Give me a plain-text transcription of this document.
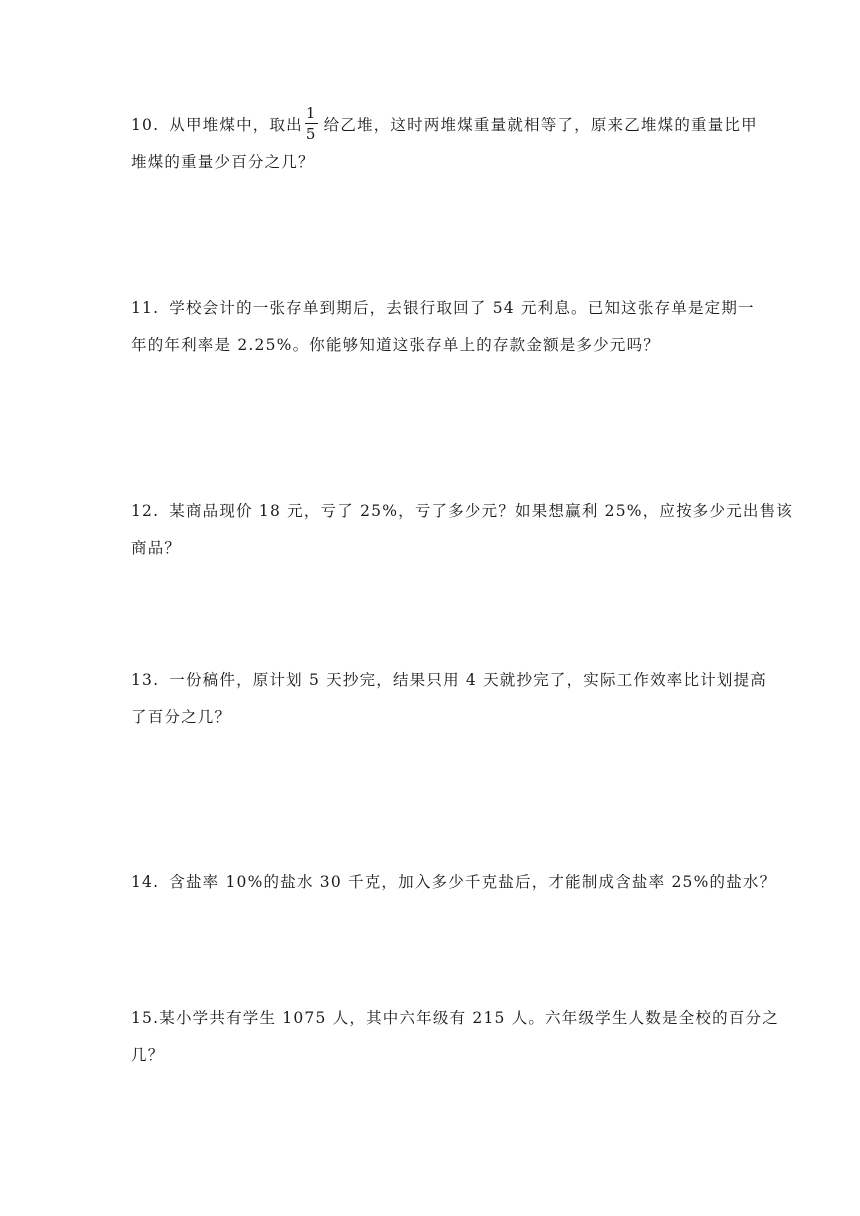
10. 从甲堆煤中，取出 $\frac{1}{5}$ 给乙堆，这时两堆煤重量就相等了，原来乙堆煤的重量比甲
堆煤的重量少百分之几？
11. 学校会计的一张存单到期后，去银行取回了 54 元利息。已知这张存单是定期一
年的年利率是 2.25%。你能够知道这张存单上的存款金额是多少元吗？
12. 某商品现价 18 元，亏了 25%，亏了多少元？如果想赢利 25%，应按多少元出售该
商品？
13. 一份稿件，原计划 5 天抄完，结果只用 4 天就抄完了，实际工作效率比计划提高
了百分之几？
14. 含盐率 10%的盐水 30 千克，加入多少千克盐后，才能制成含盐率 25%的盐水？
15.某小学共有学生 1075 人，其中六年级有 215 人。六年级学生人数是全校的百分之
几？
